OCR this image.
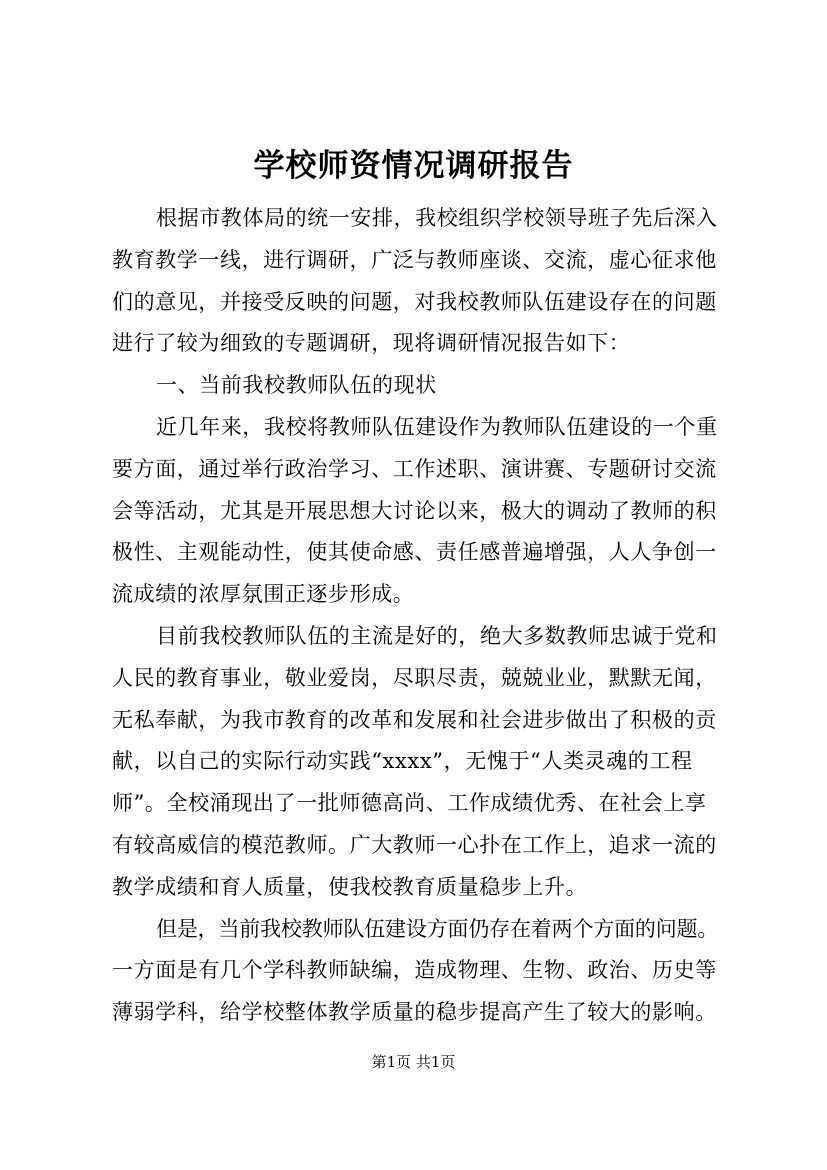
学校师资情况调研报告
根据市教体局的统一安排，我校组织学校领导班子先后深入
教育教学一线，进行调研，广泛与教师座谈、交流，虚心征求他
们的意见，并接受反映的问题，对我校教师队伍建设存在的问题
进行了较为细致的专题调研，现将调研情况报告如下：
一、当前我校教师队伍的现状
近几年来，我校将教师队伍建设作为教师队伍建设的一个重
要方面，通过举行政治学习、工作述职、演讲赛、专题研讨交流
会等活动，尤其是开展思想大讨论以来，极大的调动了教师的积
极性、主观能动性，使其使命感、责任感普遍增强，人人争创一
流成绩的浓厚氛围正逐步形成。
目前我校教师队伍的主流是好的，绝大多数教师忠诚于党和
人民的教育事业，敬业爱岗，尽职尽责，兢兢业业，默默无闻，
无私奉献，为我市教育的改革和发展和社会进步做出了积极的贡
献，以自己的实际行动实践“xxxx”，无愧于“人类灵魂的工程
师”。全校涌现出了一批师德高尚、工作成绩优秀、在社会上享
有较高威信的模范教师。广大教师一心扑在工作上，追求一流的
教学成绩和育人质量，使我校教育质量稳步上升。
但是，当前我校教师队伍建设方面仍存在着两个方面的问题。
一方面是有几个学科教师缺编，造成物理、生物、政治、历史等
薄弱学科，给学校整体教学质量的稳步提高产生了较大的影响。
第1页 共1页
